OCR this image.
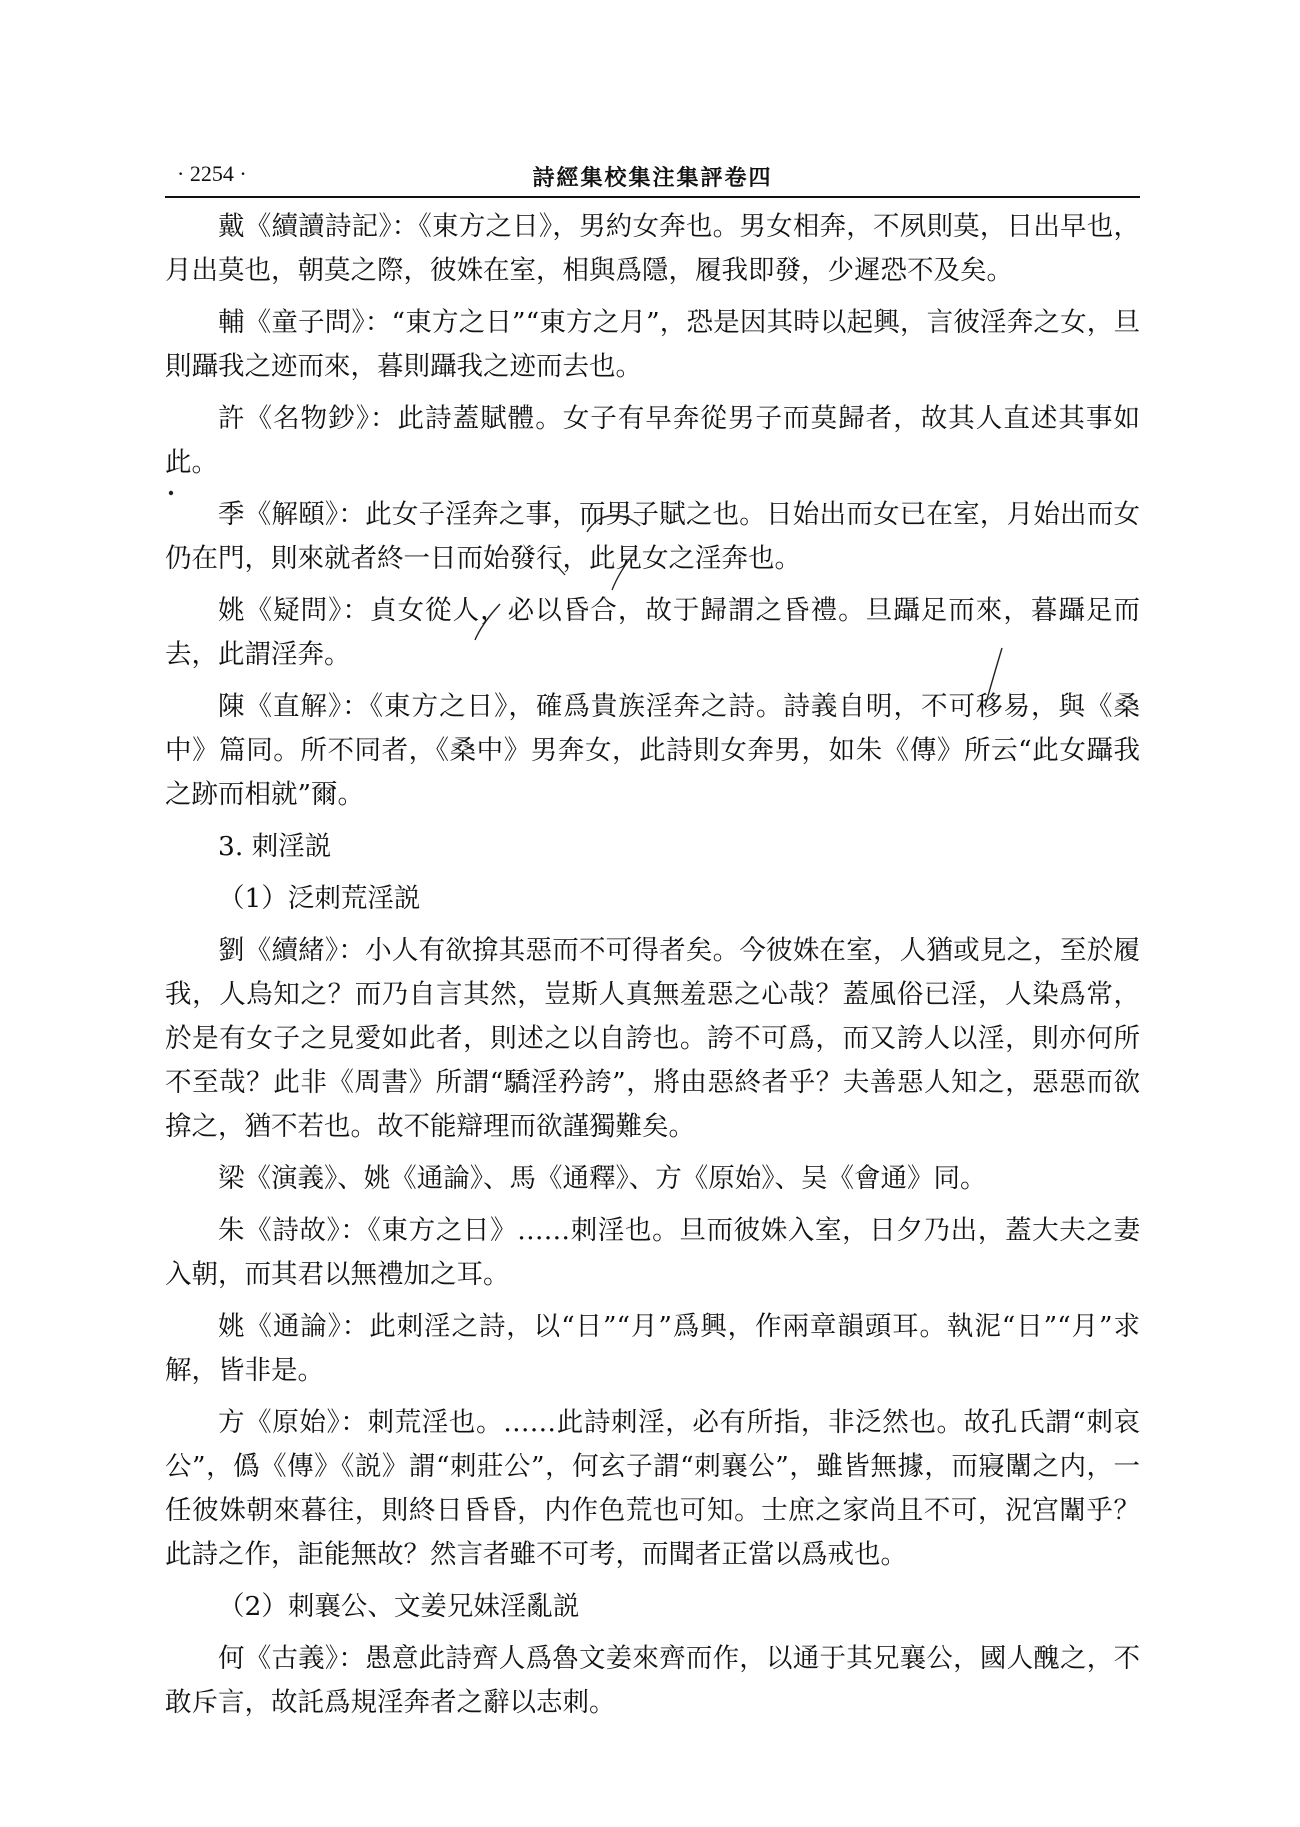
· 2254 ·	詩經集校集注集評卷四

戴《續讀詩記》：《東方之日》，男約女奔也。男女相奔，不夙則莫，日出早也，月出莫也，朝莫之際，彼姝在室，相與爲隱，履我即發，少遲恐不及矣。

輔《童子問》：“東方之日”“東方之月”，恐是因其時以起興，言彼淫奔之女，旦則躡我之迹而來，暮則躡我之迹而去也。

許《名物鈔》：此詩蓋賦體。女子有早奔從男子而莫歸者，故其人直述其事如此。

季《解頤》：此女子淫奔之事，而男子賦之也。日始出而女已在室，月始出而女仍在門，則來就者終一日而始發行，此見女之淫奔也。

姚《疑問》：貞女從人，必以昏合，故于歸謂之昏禮。旦躡足而來，暮躡足而去，此謂淫奔。

陳《直解》：《東方之日》，確爲貴族淫奔之詩。詩義自明，不可移易，與《桑中》篇同。所不同者，《桑中》男奔女，此詩則女奔男，如朱《傳》所云“此女躡我之跡而相就”爾。

3. 刺淫説

（1）泛刺荒淫説

劉《續緒》：小人有欲揜其惡而不可得者矣。今彼姝在室，人猶或見之，至於履我，人烏知之？而乃自言其然，豈斯人真無羞惡之心哉？蓋風俗已淫，人染爲常，於是有女子之見愛如此者，則述之以自誇也。誇不可爲，而又誇人以淫，則亦何所不至哉？此非《周書》所謂“驕淫矜誇”，將由惡終者乎？夫善惡人知之，惡惡而欲揜之，猶不若也。故不能辯理而欲謹獨難矣。

梁《演義》、姚《通論》、馬《通釋》、方《原始》、吴《會通》同。

朱《詩故》：《東方之日》……刺淫也。旦而彼姝入室，日夕乃出，蓋大夫之妻入朝，而其君以無禮加之耳。

姚《通論》：此刺淫之詩，以“日”“月”爲興，作兩章韻頭耳。執泥“日”“月”求解，皆非是。

方《原始》：刺荒淫也。……此詩刺淫，必有所指，非泛然也。故孔氏謂“刺哀公”，僞《傳》《説》謂“刺莊公”，何玄子謂“刺襄公”，雖皆無據，而寢闈之内，一任彼姝朝來暮往，則終日昏昏，内作色荒也可知。士庶之家尚且不可，況宫闈乎？此詩之作，詎能無故？然言者雖不可考，而聞者正當以爲戒也。

（2）刺襄公、文姜兄妹淫亂説

何《古義》：愚意此詩齊人爲魯文姜來齊而作，以通于其兄襄公，國人醜之，不敢斥言，故託爲規淫奔者之辭以志刺。
